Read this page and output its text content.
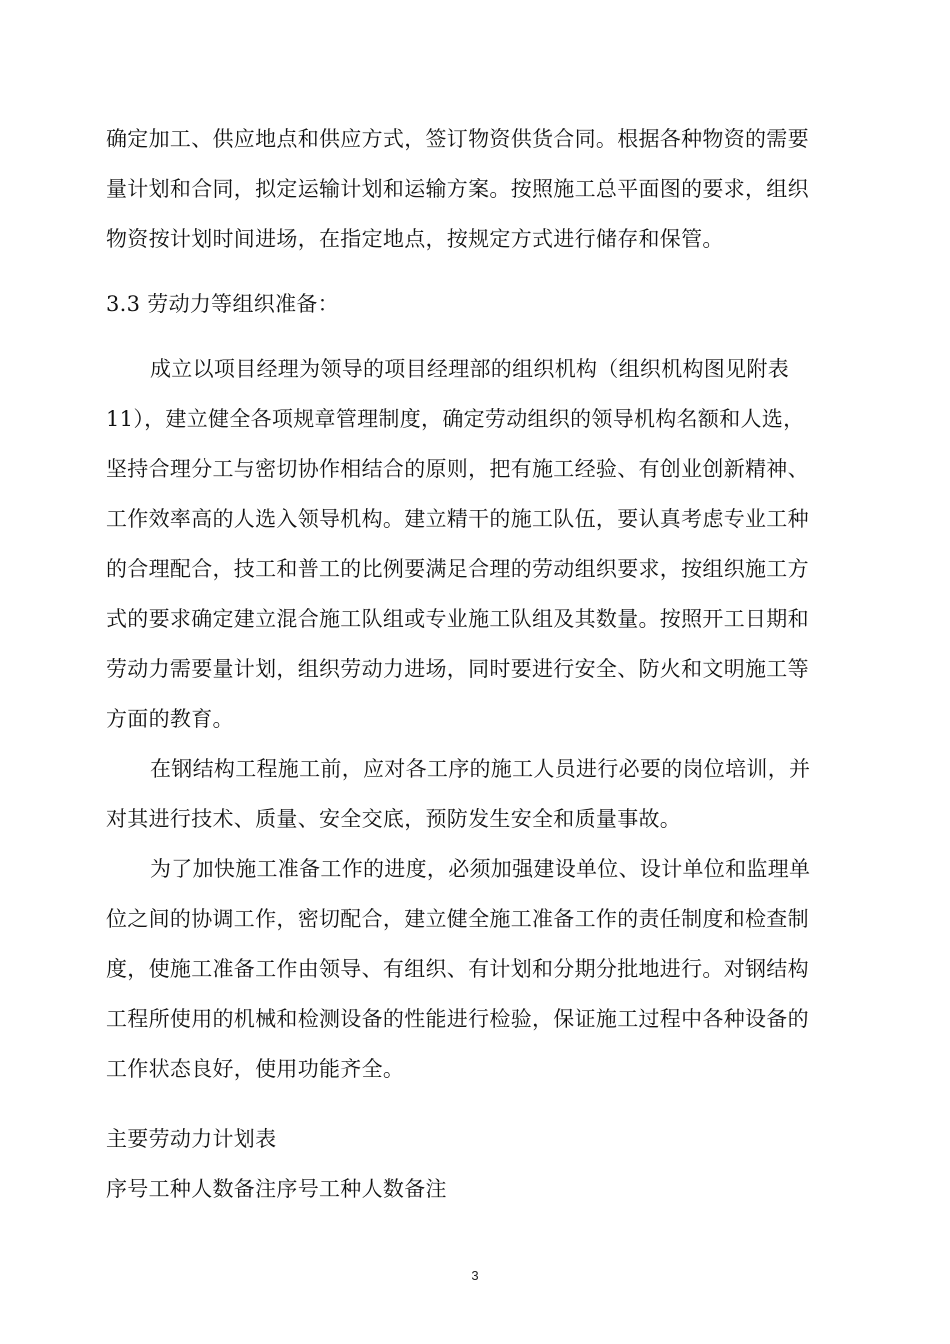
确定加工、供应地点和供应方式，签订物资供货合同。根据各种物资的需要
量计划和合同，拟定运输计划和运输方案。按照施工总平面图的要求，组织
物资按计划时间进场，在指定地点，按规定方式进行储存和保管。
3.3 劳动力等组织准备：
成立以项目经理为领导的项目经理部的组织机构（组织机构图见附表
11），建立健全各项规章管理制度，确定劳动组织的领导机构名额和人选，
坚持合理分工与密切协作相结合的原则，把有施工经验、有创业创新精神、
工作效率高的人选入领导机构。建立精干的施工队伍，要认真考虑专业工种
的合理配合，技工和普工的比例要满足合理的劳动组织要求，按组织施工方
式的要求确定建立混合施工队组或专业施工队组及其数量。按照开工日期和
劳动力需要量计划，组织劳动力进场，同时要进行安全、防火和文明施工等
方面的教育。
在钢结构工程施工前，应对各工序的施工人员进行必要的岗位培训，并
对其进行技术、质量、安全交底，预防发生安全和质量事故。
为了加快施工准备工作的进度，必须加强建设单位、设计单位和监理单
位之间的协调工作，密切配合，建立健全施工准备工作的责任制度和检查制
度，使施工准备工作由领导、有组织、有计划和分期分批地进行。对钢结构
工程所使用的机械和检测设备的性能进行检验，保证施工过程中各种设备的
工作状态良好，使用功能齐全。
主要劳动力计划表
序号工种人数备注序号工种人数备注
3
